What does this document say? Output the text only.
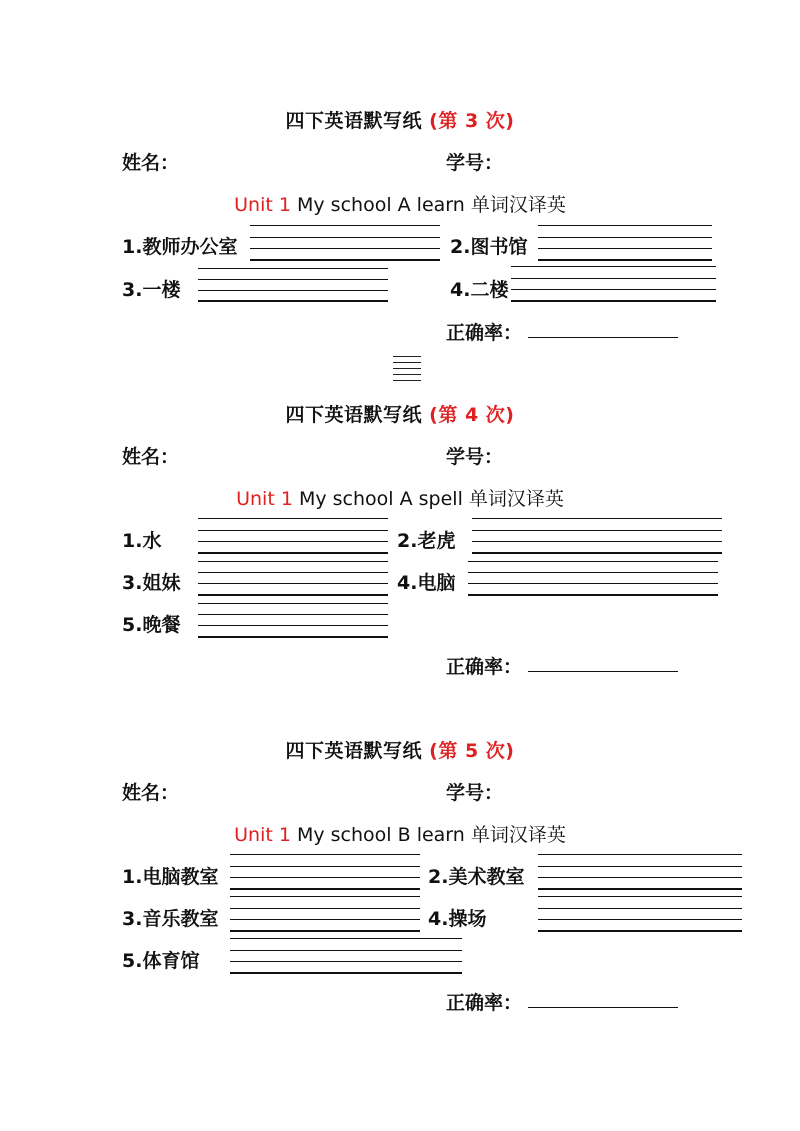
四下英语默写纸 (第 3 次)
姓名：	学号：
Unit 1 My school A learn 单词汉译英
1.教师办公室	2.图书馆
3.一楼	4.二楼
正确率：
四下英语默写纸 (第 4 次)
姓名：	学号：
Unit 1 My school A spell 单词汉译英
1.水	2.老虎
3.姐妹	4.电脑
5.晚餐
正确率：
四下英语默写纸 (第 5 次)
姓名：	学号：
Unit 1 My school B learn 单词汉译英
1.电脑教室	2.美术教室
3.音乐教室	4.操场
5.体育馆
正确率：
